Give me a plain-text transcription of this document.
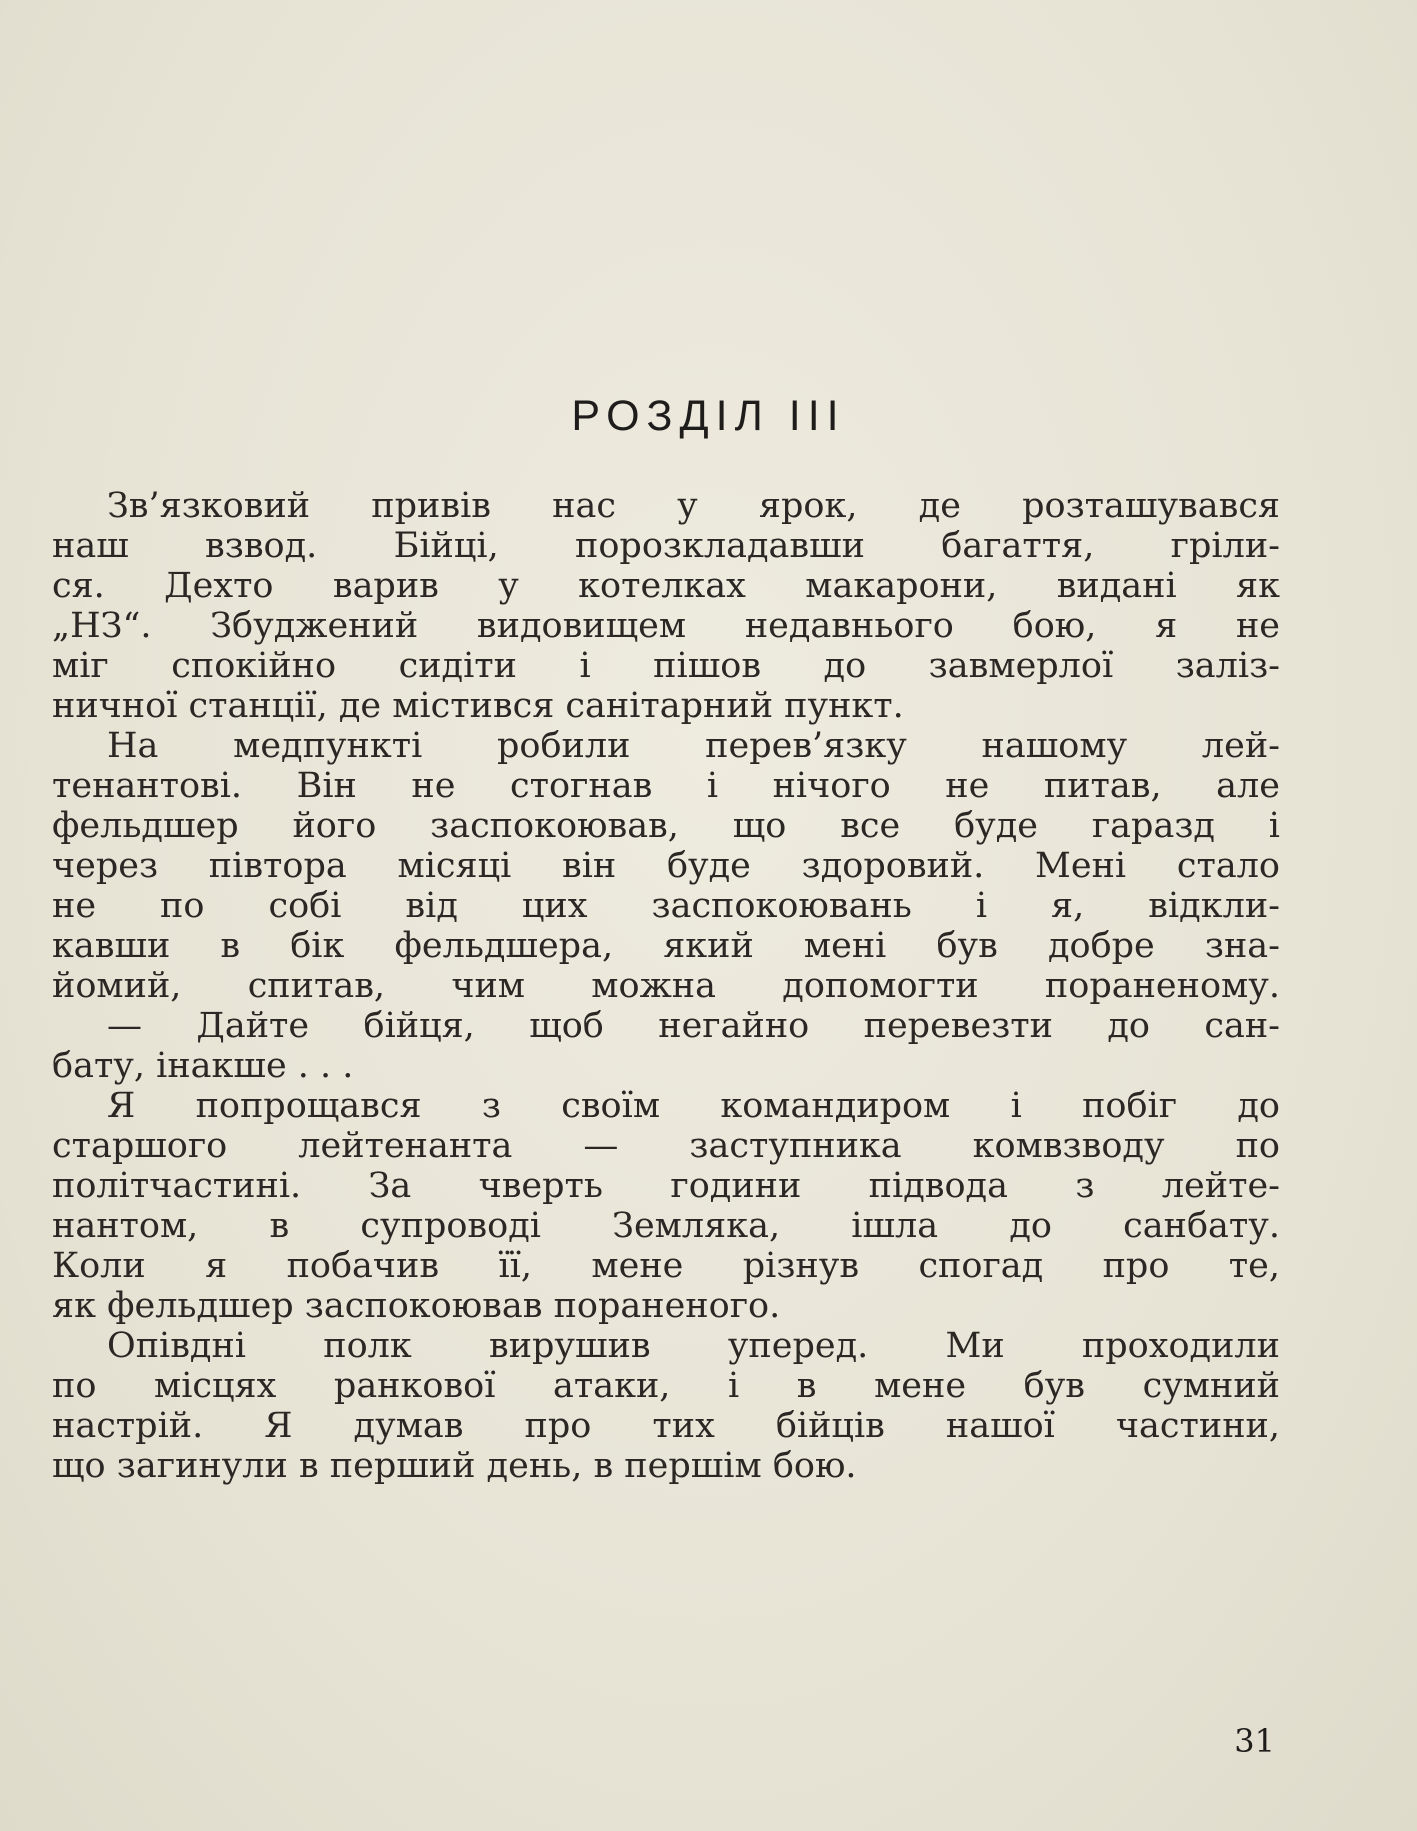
РОЗДІЛ III
Зв’язковий привів нас у ярок, де розташувався
наш взвод. Бійці, порозкладавши багаття, гріли-
ся. Дехто варив у котелках макарони, видані як
„НЗ“. Збуджений видовищем недавнього бою, я не
міг спокійно сидіти і пішов до завмерлої заліз-
ничної станції, де містився санітарний пункт.
На медпункті робили перев’язку нашому лей-
тенантові. Він не стогнав і нічого не питав, але
фельдшер його заспокоював, що все буде гаразд і
через півтора місяці він буде здоровий. Мені стало
не по собі від цих заспокоювань і я, відкли-
кавши в бік фельдшера, який мені був добре зна-
йомий, спитав, чим можна допомогти пораненому.
— Дайте бійця, щоб негайно перевезти до сан-
бату, інакше . . .
Я попрощався з своїм командиром і побіг до
старшого лейтенанта — заступника комвзводу по
політчастині. За чверть години підвода з лейте-
нантом, в супроводі Земляка, ішла до санбату.
Коли я побачив її, мене різнув спогад про те,
як фельдшер заспокоював пораненого.
Опівдні полк вирушив уперед. Ми проходили
по місцях ранкової атаки, і в мене був сумний
настрій. Я думав про тих бійців нашої частини,
що загинули в перший день, в першім бою.
31
